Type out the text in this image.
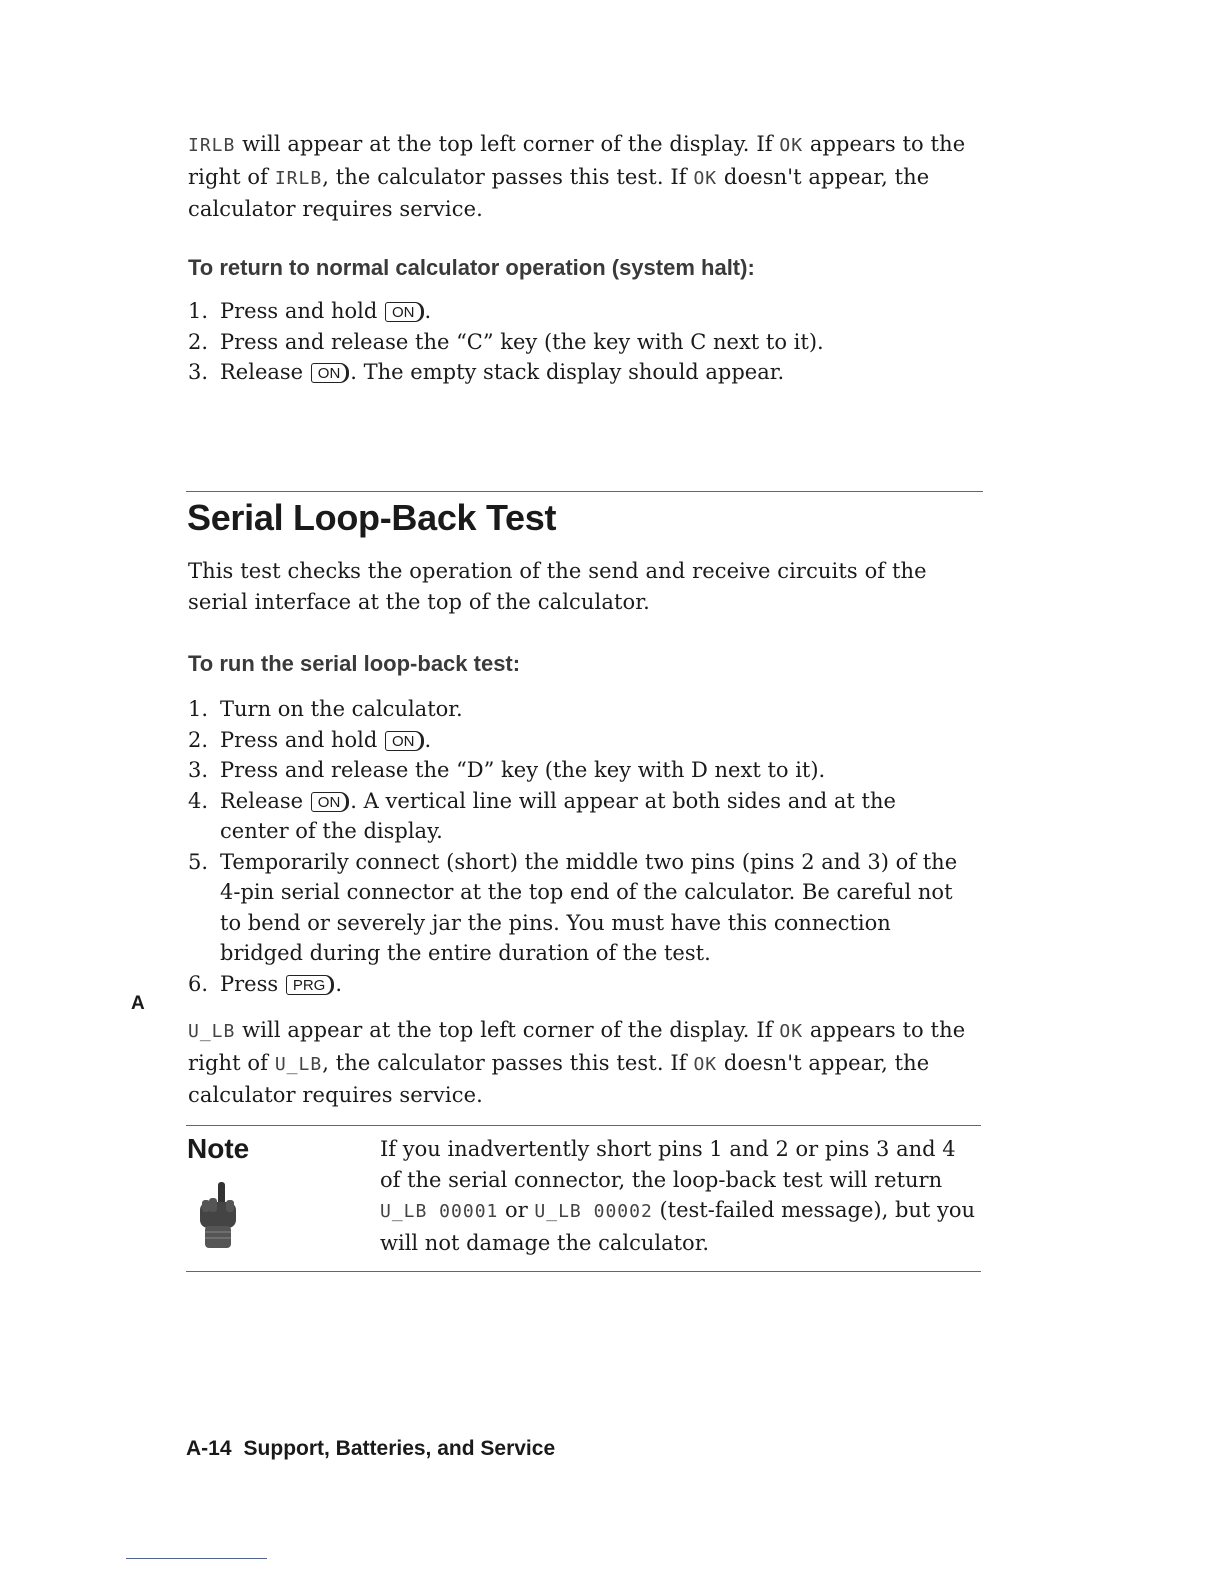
IRLB will appear at the top left corner of the display. If OK appears to the right of IRLB, the calculator passes this test. If OK doesn't appear, the calculator requires service.
To return to normal calculator operation (system halt):
1. Press and hold ON .
2. Press and release the “C” key (the key with C next to it).
3. Release ON . The empty stack display should appear.
Serial Loop-Back Test
This test checks the operation of the send and receive circuits of the serial interface at the top of the calculator.
To run the serial loop-back test:
1. Turn on the calculator.
2. Press and hold ON .
3. Press and release the “D” key (the key with D next to it).
4. Release ON . A vertical line will appear at both sides and at the center of the display.
5. Temporarily connect (short) the middle two pins (pins 2 and 3) of the 4-pin serial connector at the top end of the calculator. Be careful not to bend or severely jar the pins. You must have this connection bridged during the entire duration of the test.
6. Press PRG .
A
U_LB will appear at the top left corner of the display. If OK appears to the right of U_LB, the calculator passes this test. If OK doesn't appear, the calculator requires service.
Note	If you inadvertently short pins 1 and 2 or pins 3 and 4 of the serial connector, the loop-back test will return U_LB 00001 or U_LB 00002 (test-failed message), but you will not damage the calculator.
A-14 Support, Batteries, and Service
